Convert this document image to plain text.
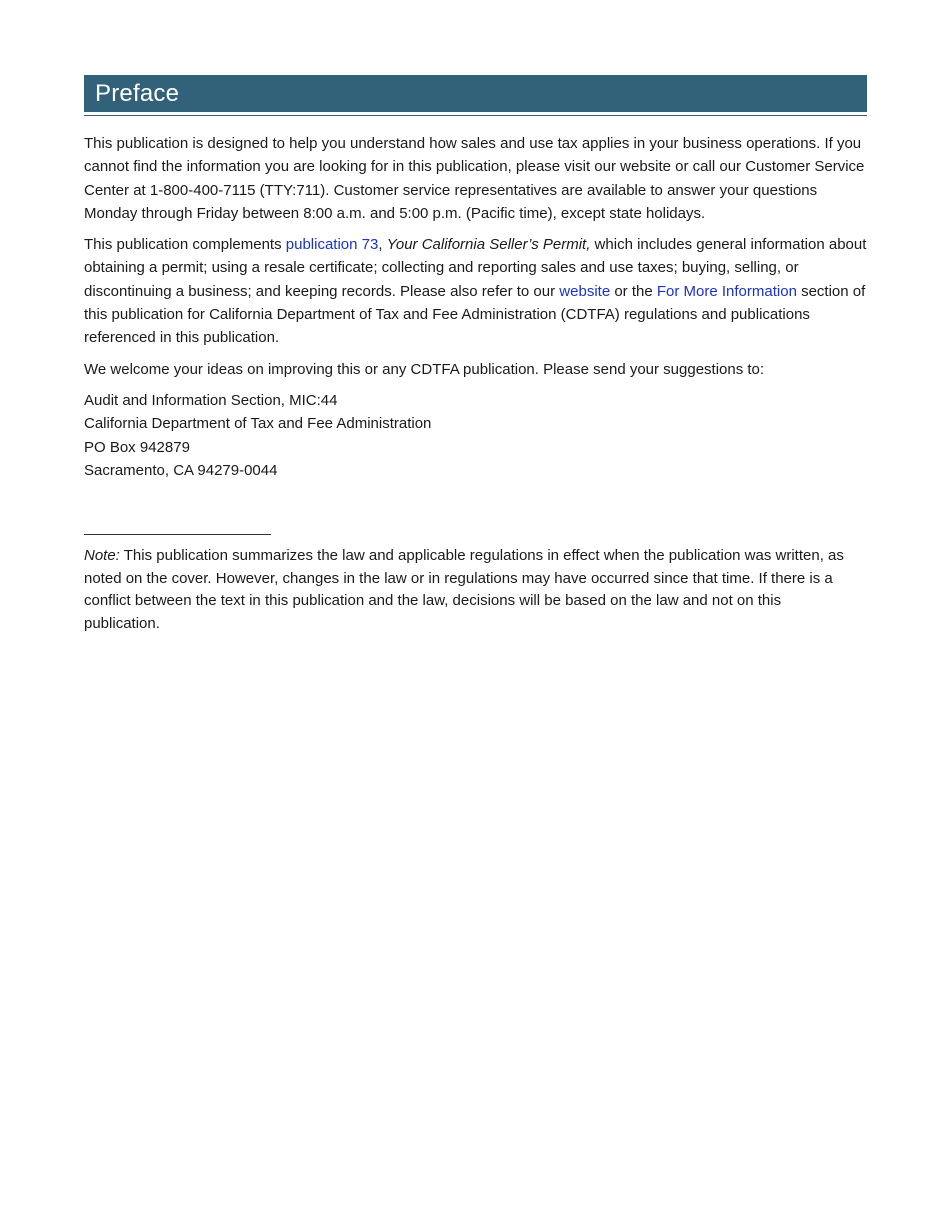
Preface

This publication is designed to help you understand how sales and use tax applies in your business operations. If you cannot find the information you are looking for in this publication, please visit our website or call our Customer Service Center at 1-800-400-7115 (TTY:711). Customer service representatives are available to answer your questions Monday through Friday between 8:00 a.m. and 5:00 p.m. (Pacific time), except state holidays.

This publication complements publication 73, Your California Seller’s Permit, which includes general information about obtaining a permit; using a resale certificate; collecting and reporting sales and use taxes; buying, selling, or discontinuing a business; and keeping records. Please also refer to our website or the For More Information section of this publication for California Department of Tax and Fee Administration (CDTFA) regulations and publications referenced in this publication.

We welcome your ideas on improving this or any CDTFA publication. Please send your suggestions to:

Audit and Information Section, MIC:44
California Department of Tax and Fee Administration
PO Box 942879
Sacramento, CA 94279-0044
Note: This publication summarizes the law and applicable regulations in effect when the publication was written, as noted on the cover. However, changes in the law or in regulations may have occurred since that time. If there is a conflict between the text in this publication and the law, decisions will be based on the law and not on this publication.
